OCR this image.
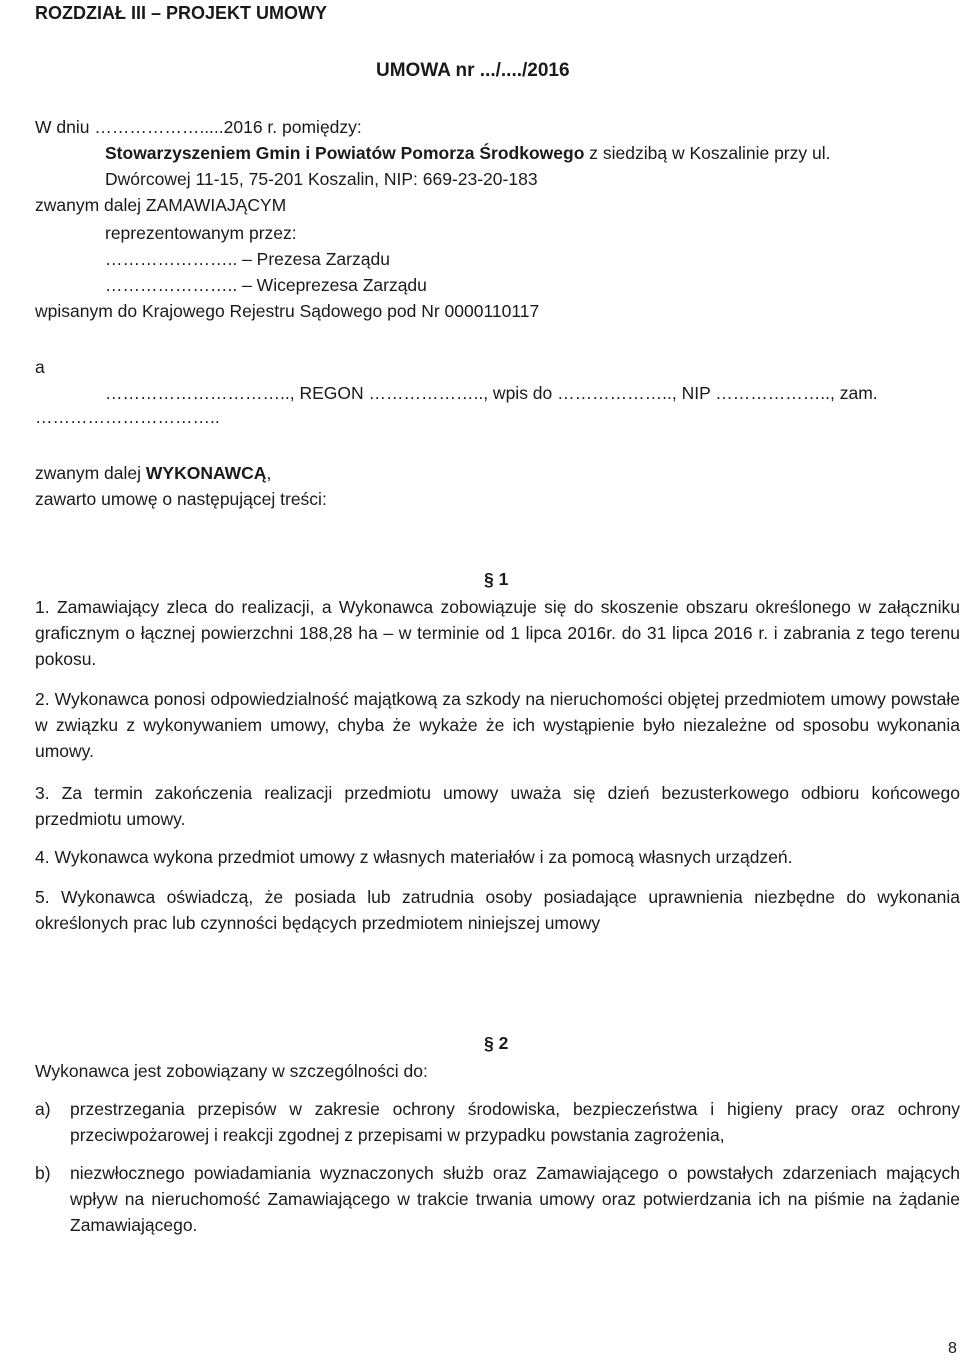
ROZDZIAŁ III – PROJEKT UMOWY
UMOWA nr .../..../2016
W dniu ……………….....2016 r. pomiędzy:
Stowarzyszeniem Gmin i Powiatów Pomorza Środkowego z siedzibą w Koszalinie przy ul.
Dwórcowej 11-15, 75-201 Koszalin, NIP: 669-23-20-183
zwanym dalej ZAMAWIAJĄCYM
reprezentowanym przez:
………………….. – Prezesa Zarządu
………………….. – Wiceprezesa Zarządu
wpisanym do Krajowego Rejestru Sądowego pod Nr 0000110117
a
………………………….., REGON ……………….., wpis do ……………….., NIP ……………….., zam.
…………………………..
zwanym dalej WYKONAWCĄ,
zawarto umowę o następującej treści:
§ 1
1. Zamawiający zleca do realizacji, a Wykonawca zobowiązuje się do skoszenie obszaru określonego w załączniku graficznym o łącznej powierzchni 188,28 ha – w terminie od 1 lipca 2016r. do 31 lipca 2016 r. i zabrania z tego terenu pokosu.
2. Wykonawca ponosi odpowiedzialność majątkową za szkody na nieruchomości objętej przedmiotem umowy powstałe w związku z wykonywaniem umowy, chyba że wykaże że ich wystąpienie było niezależne od sposobu wykonania umowy.
3. Za termin zakończenia realizacji przedmiotu umowy uważa się dzień bezusterkowego odbioru końcowego przedmiotu umowy.
4. Wykonawca wykona przedmiot umowy z własnych materiałów i za pomocą własnych urządzeń.
5. Wykonawca oświadczą, że posiada lub zatrudnia osoby posiadające uprawnienia niezbędne do wykonania określonych prac lub czynności będących przedmiotem niniejszej umowy
§ 2
Wykonawca jest zobowiązany w szczególności do:
a) przestrzegania przepisów w zakresie ochrony środowiska, bezpieczeństwa i higieny pracy oraz ochrony przeciwpożarowej i reakcji zgodnej z przepisami w przypadku powstania zagrożenia,
b) niezwłocznego powiadamiania wyznaczonych służb oraz Zamawiającego o powstałych zdarzeniach mających wpływ na nieruchomość Zamawiającego w trakcie trwania umowy oraz potwierdzania ich na piśmie na żądanie Zamawiającego.
8
